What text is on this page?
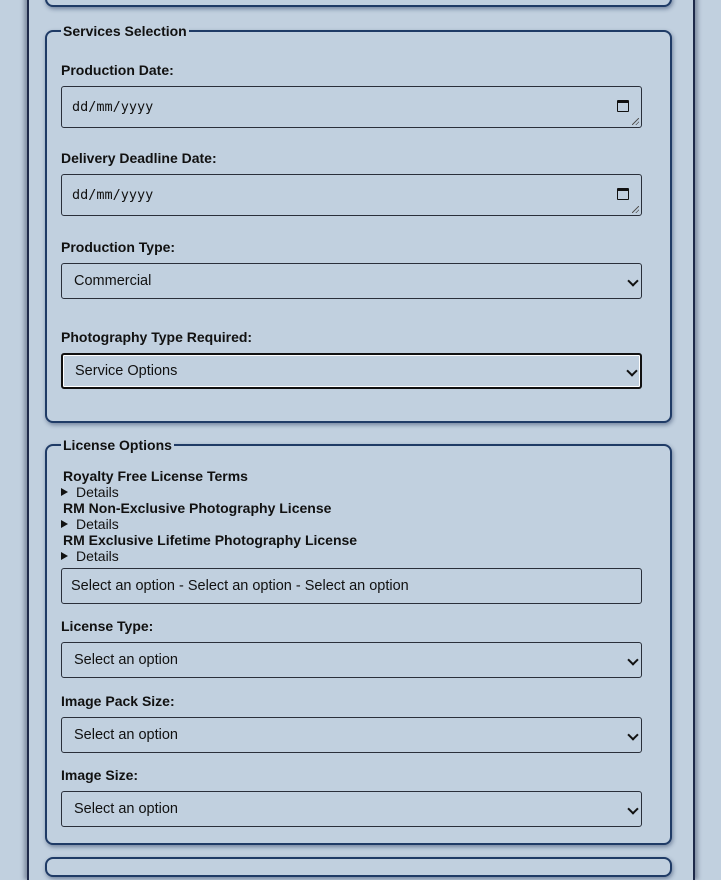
Services Selection
Production Date:
dd/mm/yyyy
Delivery Deadline Date:
dd/mm/yyyy
Production Type:
Commercial
Photography Type Required:
Service Options
License Options
Royalty Free License Terms
Details
RM Non-Exclusive Photography License
Details
RM Exclusive Lifetime Photography License
Details
Select an option - Select an option - Select an option
License Type:
Select an option
Image Pack Size:
Select an option
Image Size:
Select an option
